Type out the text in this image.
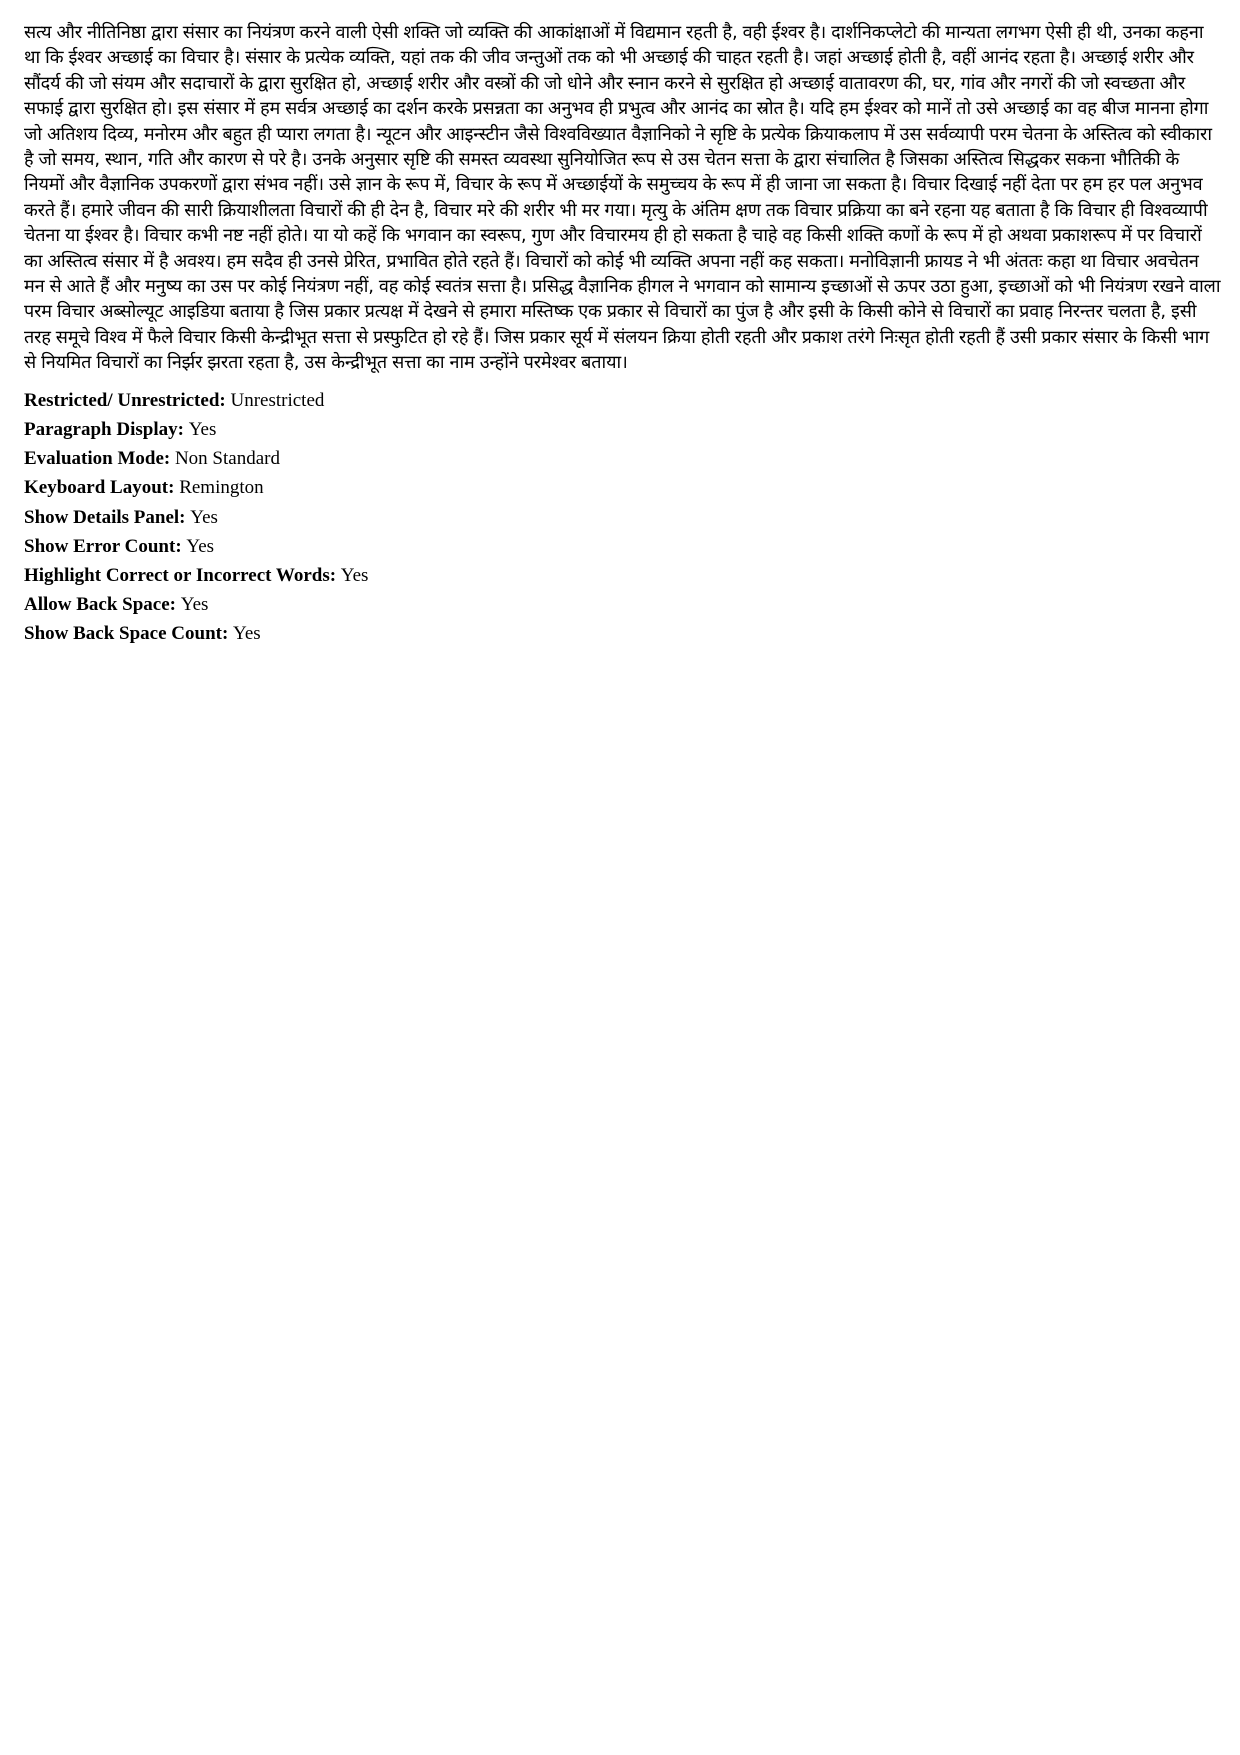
सत्य और नीतिनिष्ठा द्वारा संसार का नियंत्रण करने वाली ऐसी शक्ति जो व्यक्ति की आकांक्षाओं में विद्यमान रहती है, वही ईश्वर है। दार्शनिकप्लेटो की मान्यता लगभग ऐसी ही थी, उनका कहना था कि ईश्वर अच्छाई का विचार है। संसार के प्रत्येक व्यक्ति, यहां तक की जीव जन्तुओं तक को भी अच्छाई की चाहत रहती है। जहां अच्छाई होती है, वहीं आनंद रहता है। अच्छाई शरीर और सौंदर्य की जो संयम और सदाचारों के द्वारा सुरक्षित हो, अच्छाई शरीर और वस्त्रों की जो धोने और स्नान करने से सुरक्षित हो अच्छाई वातावरण की, घर, गांव और नगरों की जो स्वच्छता और सफाई द्वारा सुरक्षित हो। इस संसार में हम सर्वत्र अच्छाई का दर्शन करके प्रसन्नता का अनुभव ही प्रभुत्व और आनंद का स्रोत है। यदि हम ईश्वर को मानें तो उसे अच्छाई का वह बीज मानना होगा जो अतिशय दिव्य, मनोरम और बहुत ही प्यारा लगता है। न्यूटन और आइन्स्टीन जैसे विश्वविख्यात वैज्ञानिको ने सृष्टि के प्रत्येक क्रियाकलाप में उस सर्वव्यापी परम चेतना के अस्तित्व को स्वीकारा है जो समय, स्थान, गति और कारण से परे है। उनके अनुसार सृष्टि की समस्त व्यवस्था सुनियोजित रूप से उस चेतन सत्ता के द्वारा संचालित है जिसका अस्तित्व सिद्धकर सकना भौतिकी के नियमों और वैज्ञानिक उपकरणों द्वारा संभव नहीं। उसे ज्ञान के रूप में, विचार के रूप में अच्छाईयों के समुच्चय के रूप में ही जाना जा सकता है। विचार दिखाई नहीं देता पर हम हर पल अनुभव करते हैं। हमारे जीवन की सारी क्रियाशीलता विचारों की ही देन है, विचार मरे की शरीर भी मर गया। मृत्यु के अंतिम क्षण तक विचार प्रक्रिया का बने रहना यह बताता है कि विचार ही विश्वव्यापी चेतना या ईश्वर है। विचार कभी नष्ट नहीं होते। या यो कहें कि भगवान का स्वरूप, गुण और विचारमय ही हो सकता है चाहे वह किसी शक्ति कणों के रूप में हो अथवा प्रकाशरूप में पर विचारों का अस्तित्व संसार में है अवश्य। हम सदैव ही उनसे प्रेरित, प्रभावित होते रहते हैं। विचारों को कोई भी व्यक्ति अपना नहीं कह सकता। मनोविज्ञानी फ्रायड ने भी अंततः कहा था विचार अवचेतन मन से आते हैं और मनुष्य का उस पर कोई नियंत्रण नहीं, वह कोई स्वतंत्र सत्ता है। प्रसिद्ध वैज्ञानिक हीगल ने भगवान को सामान्य इच्छाओं से ऊपर उठा हुआ, इच्छाओं को भी नियंत्रण रखने वाला परम विचार अब्सोल्यूट आइडिया बताया है जिस प्रकार प्रत्यक्ष में देखने से हमारा मस्तिष्क एक प्रकार से विचारों का पुंज है और इसी के किसी कोने से विचारों का प्रवाह निरन्तर चलता है, इसी तरह समूचे विश्व में फैले विचार किसी केन्द्रीभूत सत्ता से प्रस्फुटित हो रहे हैं। जिस प्रकार सूर्य में संलयन क्रिया होती रहती और प्रकाश तरंगे निःसृत होती रहती हैं उसी प्रकार संसार के किसी भाग से नियमित विचारों का निर्झर झरता रहता है, उस केन्द्रीभूत सत्ता का नाम उन्होंने परमेश्वर बताया।

Restricted/ Unrestricted: Unrestricted
Paragraph Display: Yes
Evaluation Mode: Non Standard
Keyboard Layout: Remington
Show Details Panel: Yes
Show Error Count: Yes
Highlight Correct or Incorrect Words: Yes
Allow Back Space: Yes
Show Back Space Count: Yes
